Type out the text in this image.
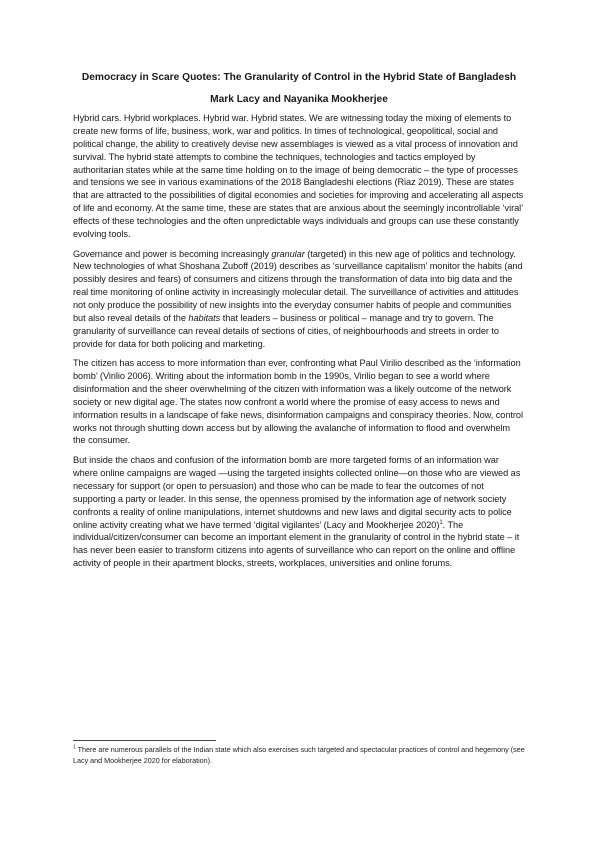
Democracy in Scare Quotes: The Granularity of Control in the Hybrid State of Bangladesh
Mark Lacy and Nayanika Mookherjee

Hybrid cars. Hybrid workplaces. Hybrid war. Hybrid states. We are witnessing today the mixing of elements to create new forms of life, business, work, war and politics. In times of technological, geopolitical, social and political change, the ability to creatively devise new assemblages is viewed as a vital process of innovation and survival. The hybrid state attempts to combine the techniques, technologies and tactics employed by authoritarian states while at the same time holding on to the image of being democratic – the type of processes and tensions we see in various examinations of the 2018 Bangladeshi elections (Riaz 2019). These are states that are attracted to the possibilities of digital economies and societies for improving and accelerating all aspects of life and economy. At the same time, these are states that are anxious about the seemingly incontrollable ‘viral’ effects of these technologies and the often unpredictable ways individuals and groups can use these constantly evolving tools.

Governance and power is becoming increasingly granular (targeted) in this new age of politics and technology. New technologies of what Shoshana Zuboff (2019) describes as ‘surveillance capitalism’ monitor the habits (and possibly desires and fears) of consumers and citizens through the transformation of data into big data and the real time monitoring of online activity in increasingly molecular detail. The surveillance of activities and attitudes not only produce the possibility of new insights into the everyday consumer habits of people and communities but also reveal details of the habitats that leaders – business or political – manage and try to govern. The granularity of surveillance can reveal details of sections of cities, of neighbourhoods and streets in order to provide for data for both policing and marketing.

The citizen has access to more information than ever, confronting what Paul Virilio described as the ‘information bomb’ (Virilio 2006). Writing about the information bomb in the 1990s, Virilio began to see a world where disinformation and the sheer overwhelming of the citizen with information was a likely outcome of the network society or new digital age. The states now confront a world where the promise of easy access to news and information results in a landscape of fake news, disinformation campaigns and conspiracy theories. Now, control works not through shutting down access but by allowing the avalanche of information to flood and overwhelm the consumer.

But inside the chaos and confusion of the information bomb are more targeted forms of an information war where online campaigns are waged —using the targeted insights collected online—on those who are viewed as necessary for support (or open to persuasion) and those who can be made to fear the outcomes of not supporting a party or leader. In this sense, the openness promised by the information age of network society confronts a reality of online manipulations, internet shutdowns and new laws and digital security acts to police online activity creating what we have termed ‘digital vigilantes’ (Lacy and Mookherjee 2020)$^1$. The individual/citizen/consumer can become an important element in the granularity of control in the hybrid state – it has never been easier to transform citizens into agents of surveillance who can report on the online and offline activity of people in their apartment blocks, streets, workplaces, universities and online forums.

$^1$ There are numerous parallels of the Indian state which also exercises such targeted and spectacular practices of control and hegemony (see Lacy and Mookherjee 2020 for elaboration).
